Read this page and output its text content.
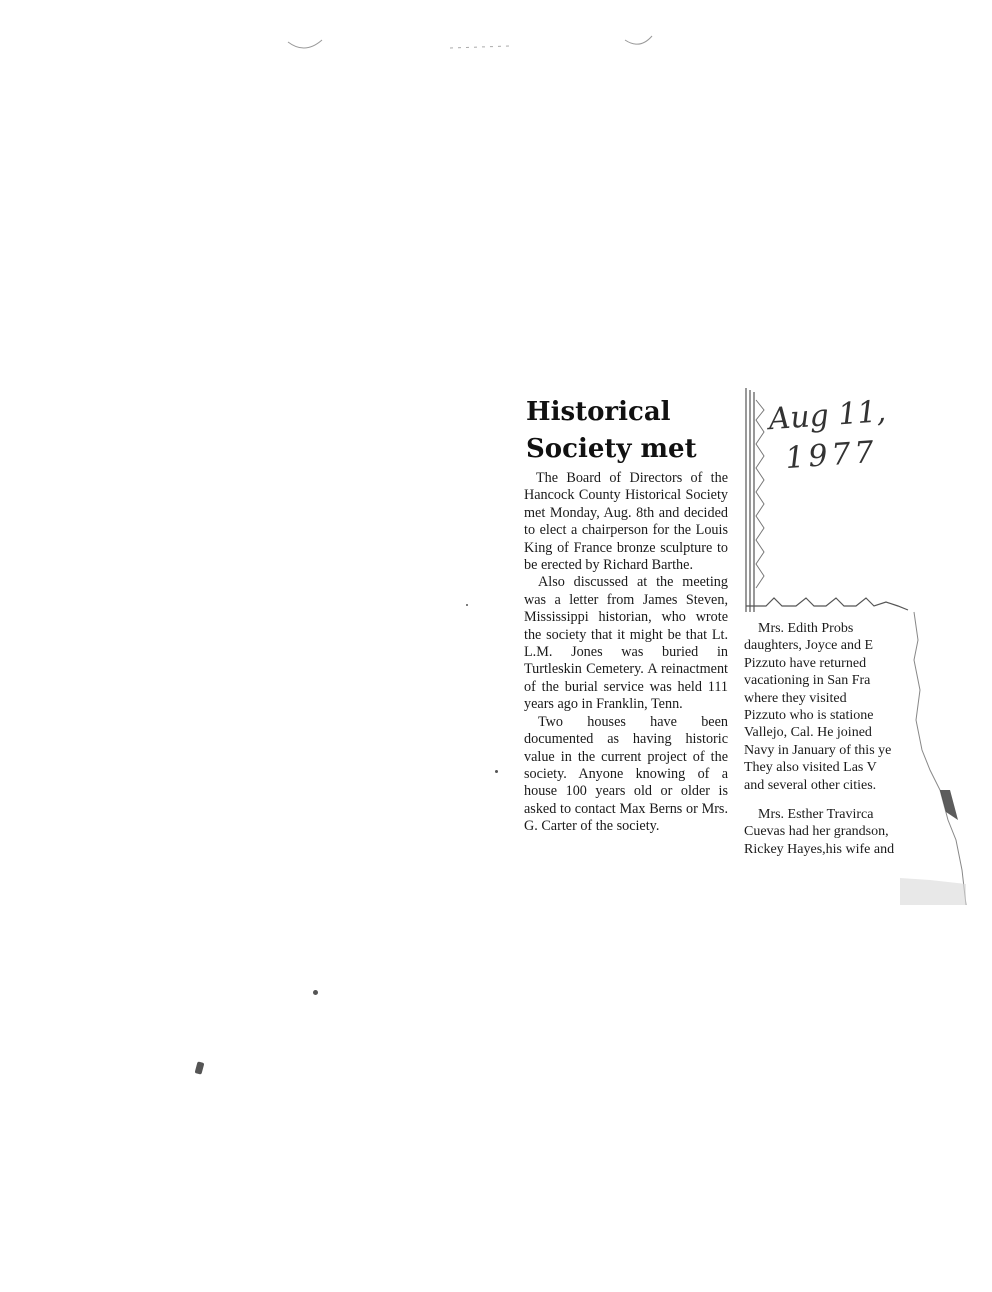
Historical
Society met

The Board of Directors of the Hancock County Historical Society met Monday, Aug. 8th and decided to elect a chairperson for the Louis King of France bronze sculpture to be erected by Richard Barthe.

Also discussed at the meeting was a letter from James Steven, Mississippi historian, who wrote the society that it might be that Lt. L.M. Jones was buried in Turtleskin Cemetery. A reinactment of the burial service was held 111 years ago in Franklin, Tenn.

Two houses have been documented as having historic value in the current project of the society. Anyone knowing of a house 100 years old or older is asked to contact Max Berns or Mrs. G. Carter of the society.

Aug 11,
1977

Mrs. Edith Probs
daughters, Joyce and E
Pizzuto have returned
vacationing in San Fra
where they visited
Pizzuto who is statione
Vallejo, Cal. He joined
Navy in January of this ye
They also visited Las V
and several other cities.

Mrs. Esther Travirca
Cuevas had her grandson,
Rickey Hayes,his wife and
